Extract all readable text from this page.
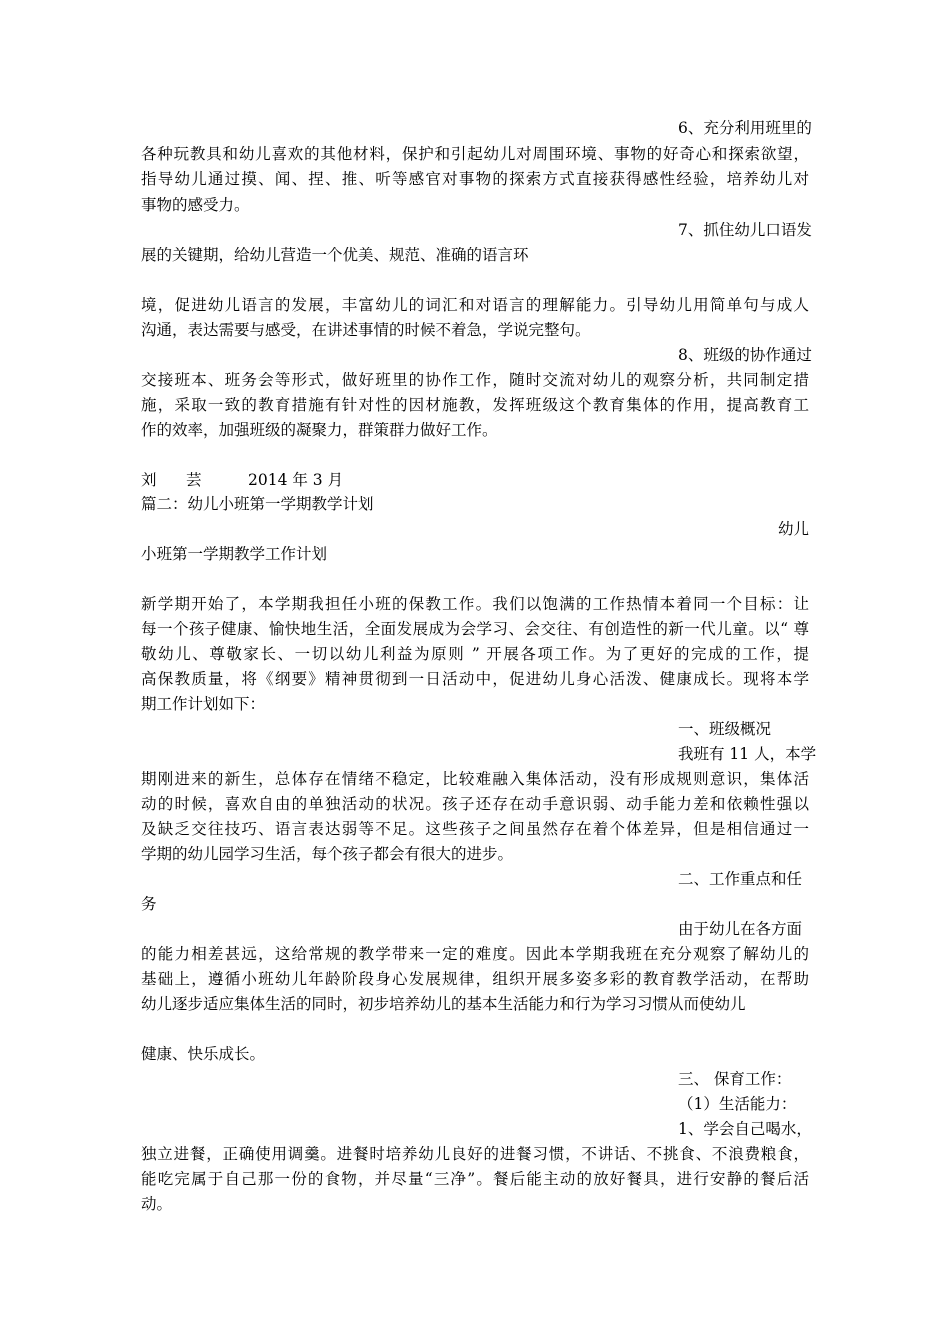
6、充分利用班里的
各种玩教具和幼儿喜欢的其他材料，保护和引起幼儿对周围环境、事物的好奇心和探索欲望，
指导幼儿通过摸、闻、捏、推、听等感官对事物的探索方式直接获得感性经验，培养幼儿对
事物的感受力。
7、抓住幼儿口语发
展的关键期，给幼儿营造一个优美、规范、准确的语言环
境，促进幼儿语言的发展，丰富幼儿的词汇和对语言的理解能力。引导幼儿用简单句与成人
沟通，表达需要与感受，在讲述事情的时候不着急，学说完整句。
8、班级的协作通过
交接班本、班务会等形式，做好班里的协作工作，随时交流对幼儿的观察分析，共同制定措
施，采取一致的教育措施有针对性的因材施教，发挥班级这个教育集体的作用，提高教育工
作的效率，加强班级的凝聚力，群策群力做好工作。
刘 芸	2014 年 3 月
篇二：幼儿小班第一学期教学计划
幼儿
小班第一学期教学工作计划
新学期开始了，本学期我担任小班的保教工作。我们以饱满的工作热情本着同一个目标：让
每一个孩子健康、愉快地生活，全面发展成为会学习、会交往、有创造性的新一代儿童。以“ 尊
敬幼儿、尊敬家长、一切以幼儿利益为原则 ” 开展各项工作。为了更好的完成的工作，提
高保教质量，将《纲要》精神贯彻到一日活动中，促进幼儿身心活泼、健康成长。现将本学
期工作计划如下：
一、班级概况
我班有 11 人，本学
期刚进来的新生，总体存在情绪不稳定，比较难融入集体活动，没有形成规则意识，集体活
动的时候，喜欢自由的单独活动的状况。孩子还存在动手意识弱、动手能力差和依赖性强以
及缺乏交往技巧、语言表达弱等不足。这些孩子之间虽然存在着个体差异，但是相信通过一
学期的幼儿园学习生活，每个孩子都会有很大的进步。
二、工作重点和任
务
由于幼儿在各方面
的能力相差甚远，这给常规的教学带来一定的难度。因此本学期我班在充分观察了解幼儿的
基础上，遵循小班幼儿年龄阶段身心发展规律，组织开展多姿多彩的教育教学活动，在帮助
幼儿逐步适应集体生活的同时，初步培养幼儿的基本生活能力和行为学习习惯从而使幼儿
健康、快乐成长。
三、 保育工作：
（1）生活能力：
1、学会自己喝水，
独立进餐，正确使用调羹。进餐时培养幼儿良好的进餐习惯，不讲话、不挑食、不浪费粮食，
能吃完属于自己那一份的食物，并尽量“三净”。餐后能主动的放好餐具，进行安静的餐后活
动。
